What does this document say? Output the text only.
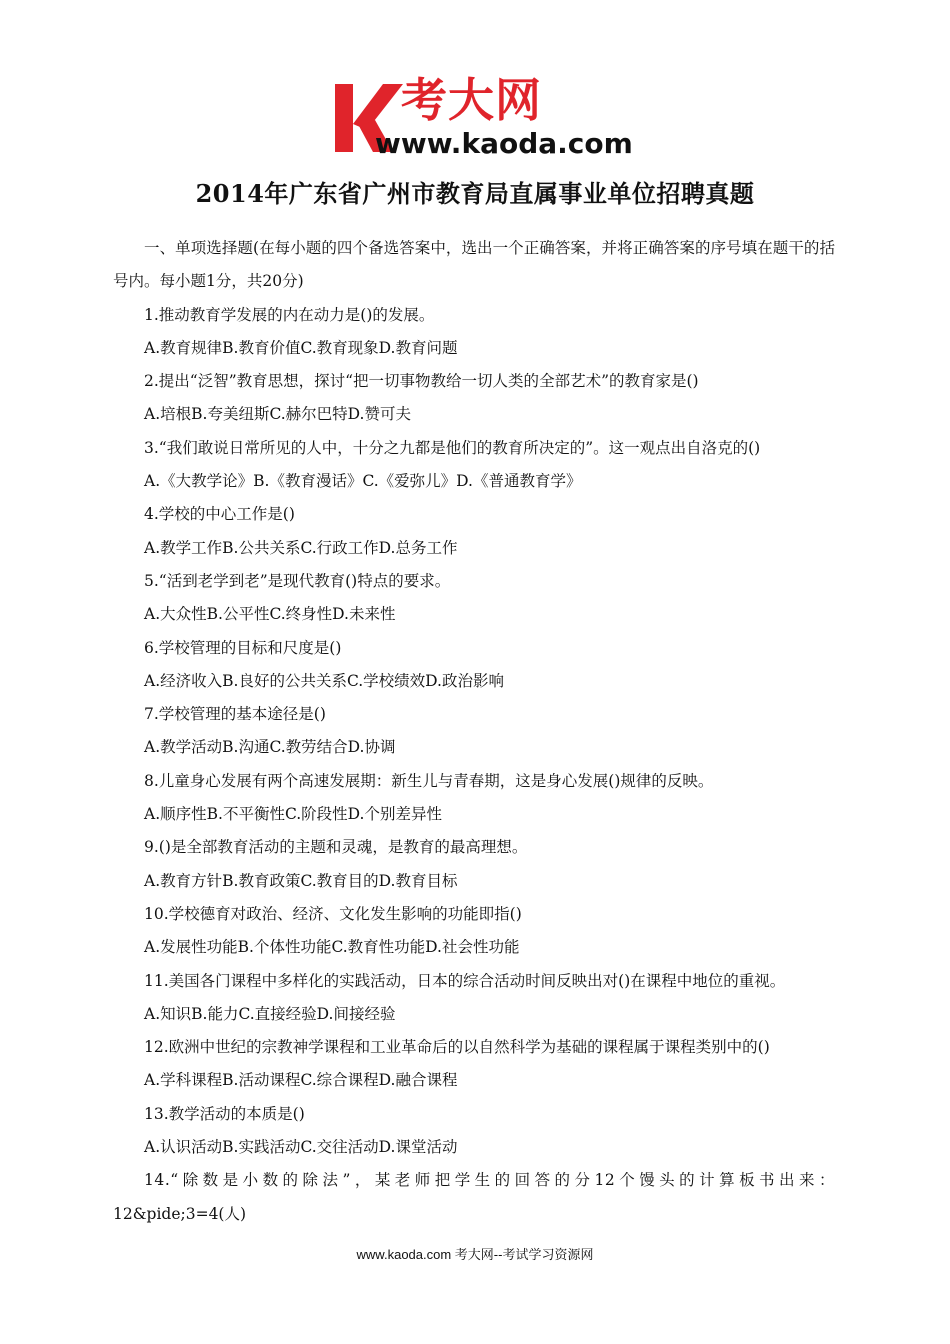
考大网
www.kaoda.com
2014年广东省广州市教育局直属事业单位招聘真题

一、单项选择题(在每小题的四个备选答案中，选出一个正确答案，并将正确答案的序号填在题干的括号内。每小题1分，共20分)

1.推动教育学发展的内在动力是()的发展。

A.教育规律B.教育价值C.教育现象D.教育问题

2.提出“泛智”教育思想，探讨“把一切事物教给一切人类的全部艺术”的教育家是()

A.培根B.夸美纽斯C.赫尔巴特D.赞可夫

3.“我们敢说日常所见的人中，十分之九都是他们的教育所决定的”。这一观点出自洛克的()

A.《大教学论》B.《教育漫话》C.《爱弥儿》D.《普通教育学》

4.学校的中心工作是()

A.教学工作B.公共关系C.行政工作D.总务工作

5.“活到老学到老”是现代教育()特点的要求。

A.大众性B.公平性C.终身性D.未来性

6.学校管理的目标和尺度是()

A.经济收入B.良好的公共关系C.学校绩效D.政治影响

7.学校管理的基本途径是()

A.教学活动B.沟通C.教劳结合D.协调

8.儿童身心发展有两个高速发展期：新生儿与青春期，这是身心发展()规律的反映。

A.顺序性B.不平衡性C.阶段性D.个别差异性

9.()是全部教育活动的主题和灵魂，是教育的最高理想。

A.教育方针B.教育政策C.教育目的D.教育目标

10.学校德育对政治、经济、文化发生影响的功能即指()

A.发展性功能B.个体性功能C.教育性功能D.社会性功能

11.美国各门课程中多样化的实践活动，日本的综合活动时间反映出对()在课程中地位的重视。

A.知识B.能力C.直接经验D.间接经验

12.欧洲中世纪的宗教神学课程和工业革命后的以自然科学为基础的课程属于课程类别中的()

A.学科课程B.活动课程C.综合课程D.融合课程

13.教学活动的本质是()

A.认识活动B.实践活动C.交往活动D.课堂活动

14.“除数是小数的除法”，某老师把学生的回答的分12个馒头的计算板书出来： 12&pide;3=4(人)

www.kaoda.com 考大网--考试学习资源网
